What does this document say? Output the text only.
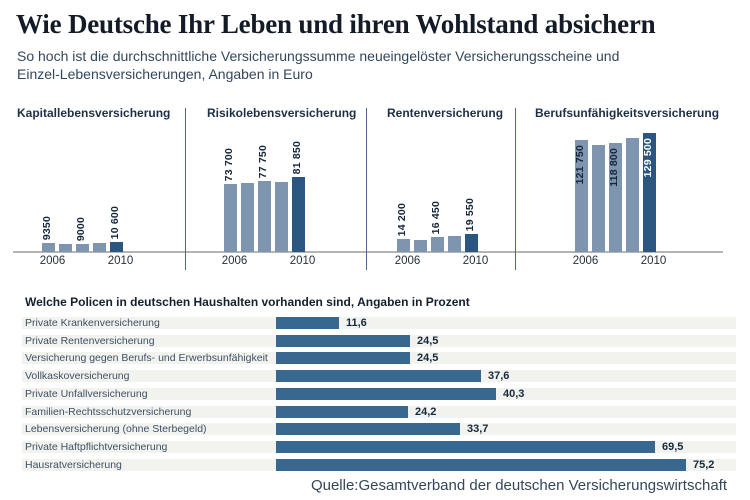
Wie Deutsche Ihr Leben und ihren Wohlstand absichern
So hoch ist die durchschnittliche Versicherungssumme neueingelöster Versicherungsscheine und
Einzel-Lebensversicherungen, Angaben in Euro
Kapitallebensversicherung
9350 9000 10 600
2006	2010
Risikolebensversicherung
73 700 77 750 81 850
2006	2010
Rentenversicherung
14 200 16 450 19 550
2006	2010
Berufsunfähigkeitsversicherung
121 750 118 800 129 500
2006	2010
Welche Policen in deutschen Haushalten vorhanden sind, Angaben in Prozent
Private Krankenversicherung	11,6
Private Rentenversicherung	24,5
Versicherung gegen Berufs- und Erwerbsunfähigkeit	24,5
Vollkaskoversicherung	37,6
Private Unfallversicherung	40,3
Familien-Rechtsschutzversicherung	24,2
Lebensversicherung (ohne Sterbegeld)	33,7
Private Haftpflichtversicherung	69,5
Hausratversicherung	75,2
Quelle:Gesamtverband der deutschen Versicherungswirtschaft
